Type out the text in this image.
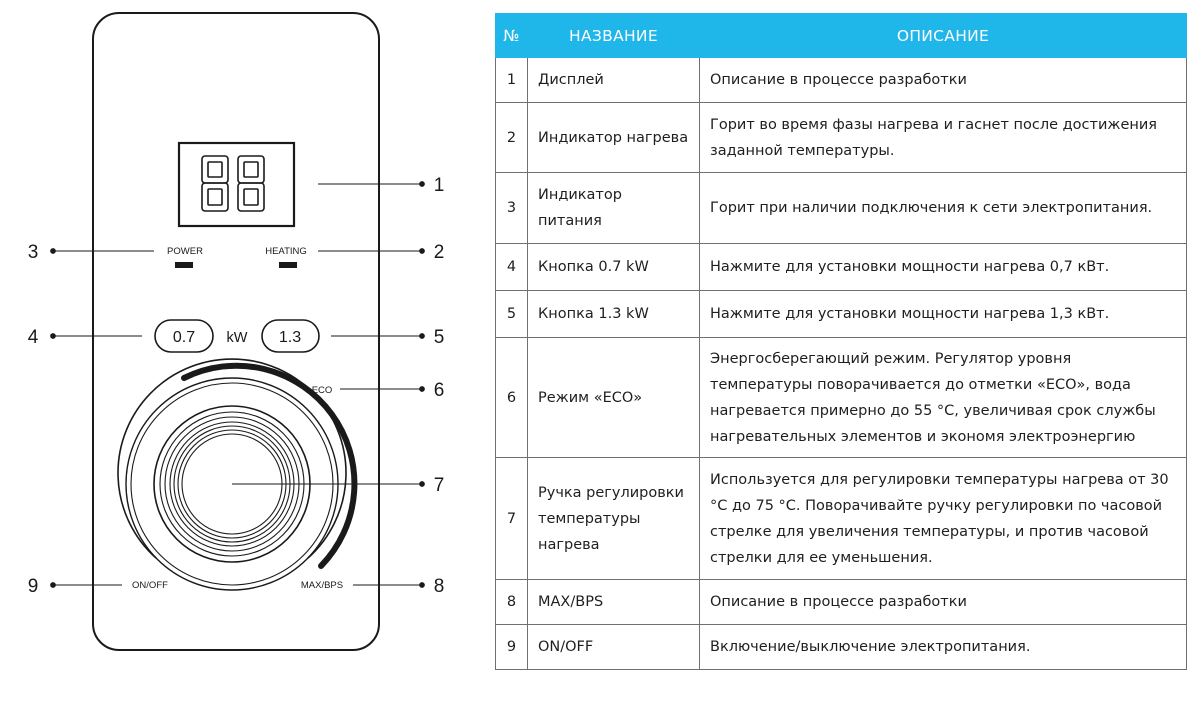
POWER	HEATING
0.7 kW 1.3
ECO
ON/OFF	MAX/BPS
1
2
3
4	5
6
7
8
9
№	НАЗВАНИЕ	ОПИСАНИЕ
1	Дисплей	Описание в процессе разработки
2	Индикатор нагрева	Горит во время фазы нагрева и гаснет после достижения заданной температуры.
3	Индикатор питания	Горит при наличии подключения к сети электропитания.
4	Кнопка 0.7 kW	Нажмите для установки мощности нагрева 0,7 кВт.
5	Кнопка 1.3 kW	Нажмите для установки мощности нагрева 1,3 кВт.
6	Режим «ECO»	Энергосберегающий режим. Регулятор уровня температуры поворачивается до отметки «ECO», вода нагревается примерно до 55 °C, увеличивая срок службы нагревательных элементов и экономя электроэнергию
7	Ручка регулировки температуры нагрева	Используется для регулировки температуры нагрева от 30 °C до 75 °C. Поворачивайте ручку регулировки по часовой стрелке для увеличения температуры, и против часовой стрелки для ее уменьшения.
8	MAX/BPS	Описание в процессе разработки
9	ON/OFF	Включение/выключение электропитания.
